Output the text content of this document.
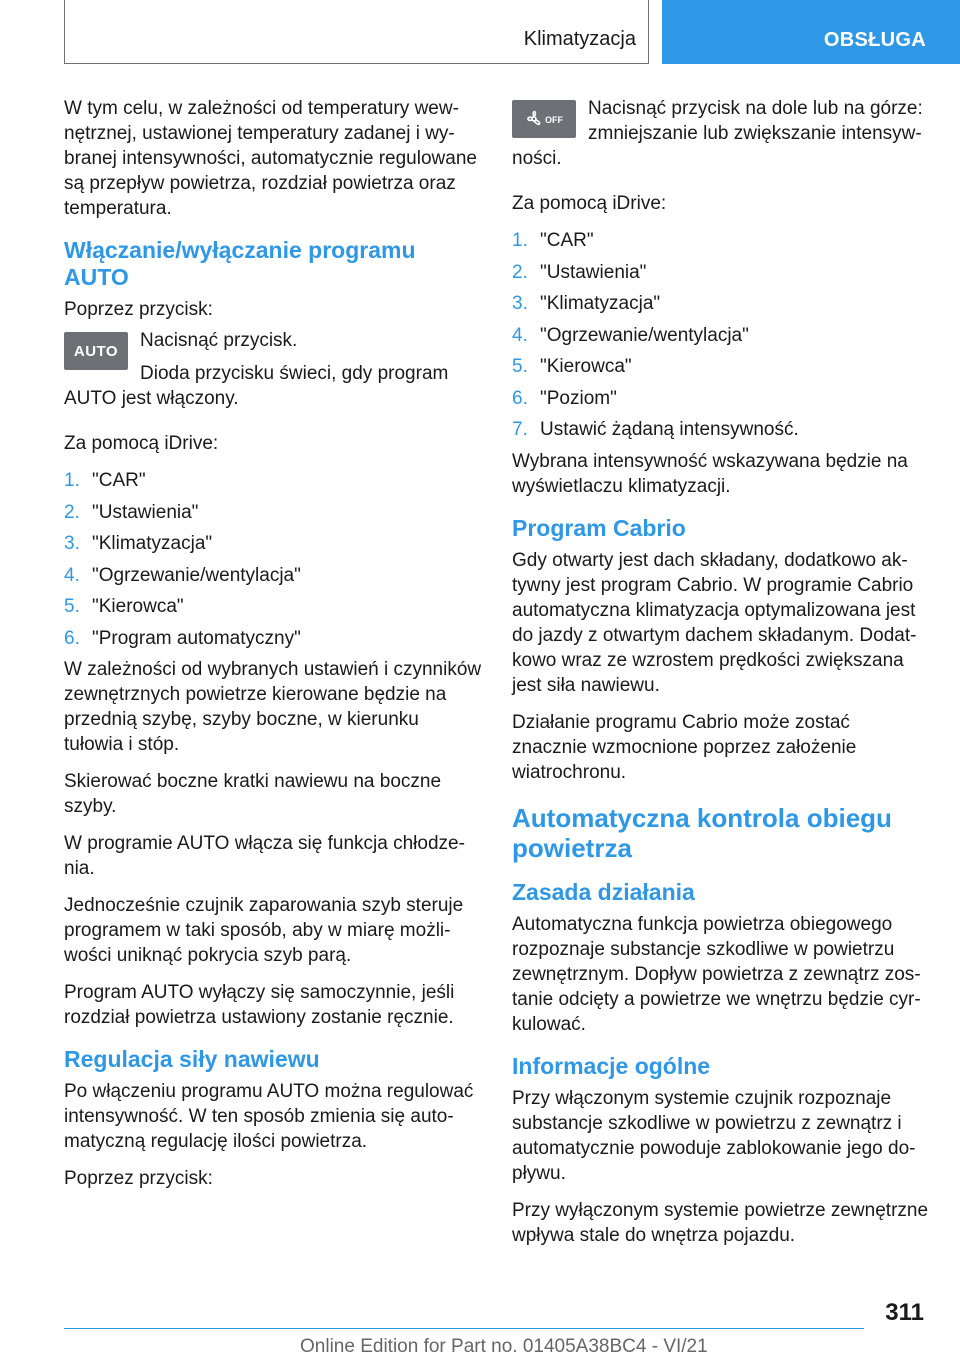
Klimatyzacja	OBSŁUGA

W tym celu, w zależności od temperatury wewnętrznej, ustawionej temperatury zadanej i wybranej intensywności, automatycznie regulowane są przepływ powietrza, rozdział powietrza oraz temperatura.

Włączanie/wyłączanie programu AUTO

Poprzez przycisk:

AUTO	Nacisnąć przycisk.

Dioda przycisku świeci, gdy program AUTO jest włączony.

Za pomocą iDrive:

1. "CAR"
2. "Ustawienia"
3. "Klimatyzacja"
4. "Ogrzewanie/wentylacja"
5. "Kierowca"
6. "Program automatyczny"

W zależności od wybranych ustawień i czynników zewnętrznych powietrze kierowane będzie na przednią szybę, szyby boczne, w kierunku tułowia i stóp.

Skierować boczne kratki nawiewu na boczne szyby.

W programie AUTO włącza się funkcja chłodzenia.

Jednocześnie czujnik zaparowania szyb steruje programem w taki sposób, aby w miarę możliwości uniknąć pokrycia szyb parą.

Program AUTO wyłączy się samoczynnie, jeśli rozdział powietrza ustawiony zostanie ręcznie.

Regulacja siły nawiewu

Po włączeniu programu AUTO można regulować intensywność. W ten sposób zmienia się automatyczną regulację ilości powietrza.

Poprzez przycisk:

OFF

Nacisnąć przycisk na dole lub na górze: zmniejszanie lub zwiększanie intensywności.

Za pomocą iDrive:

1. "CAR"
2. "Ustawienia"
3. "Klimatyzacja"
4. "Ogrzewanie/wentylacja"
5. "Kierowca"
6. "Poziom"
7. Ustawić żądaną intensywność.

Wybrana intensywność wskazywana będzie na wyświetlaczu klimatyzacji.

Program Cabrio

Gdy otwarty jest dach składany, dodatkowo aktywny jest program Cabrio. W programie Cabrio automatyczna klimatyzacja optymalizowana jest do jazdy z otwartym dachem składanym. Dodatkowo wraz ze wzrostem prędkości zwiększana jest siła nawiewu.

Działanie programu Cabrio może zostać znacznie wzmocnione poprzez założenie wiatrochronu.

Automatyczna kontrola obiegu powietrza
Zasada działania

Automatyczna funkcja powietrza obiegowego rozpoznaje substancje szkodliwe w powietrzu zewnętrznym. Dopływ powietrza z zewnątrz zostanie odcięty a powietrze we wnętrzu będzie cyrkulować.

Informacje ogólne

Przy włączonym systemie czujnik rozpoznaje substancje szkodliwe w powietrzu z zewnątrz i automatycznie powoduje zablokowanie jego dopływu.

Przy wyłączonym systemie powietrze zewnętrzne wpływa stale do wnętrza pojazdu.

311
Online Edition for Part no. 01405A38BC4 - VI/21
